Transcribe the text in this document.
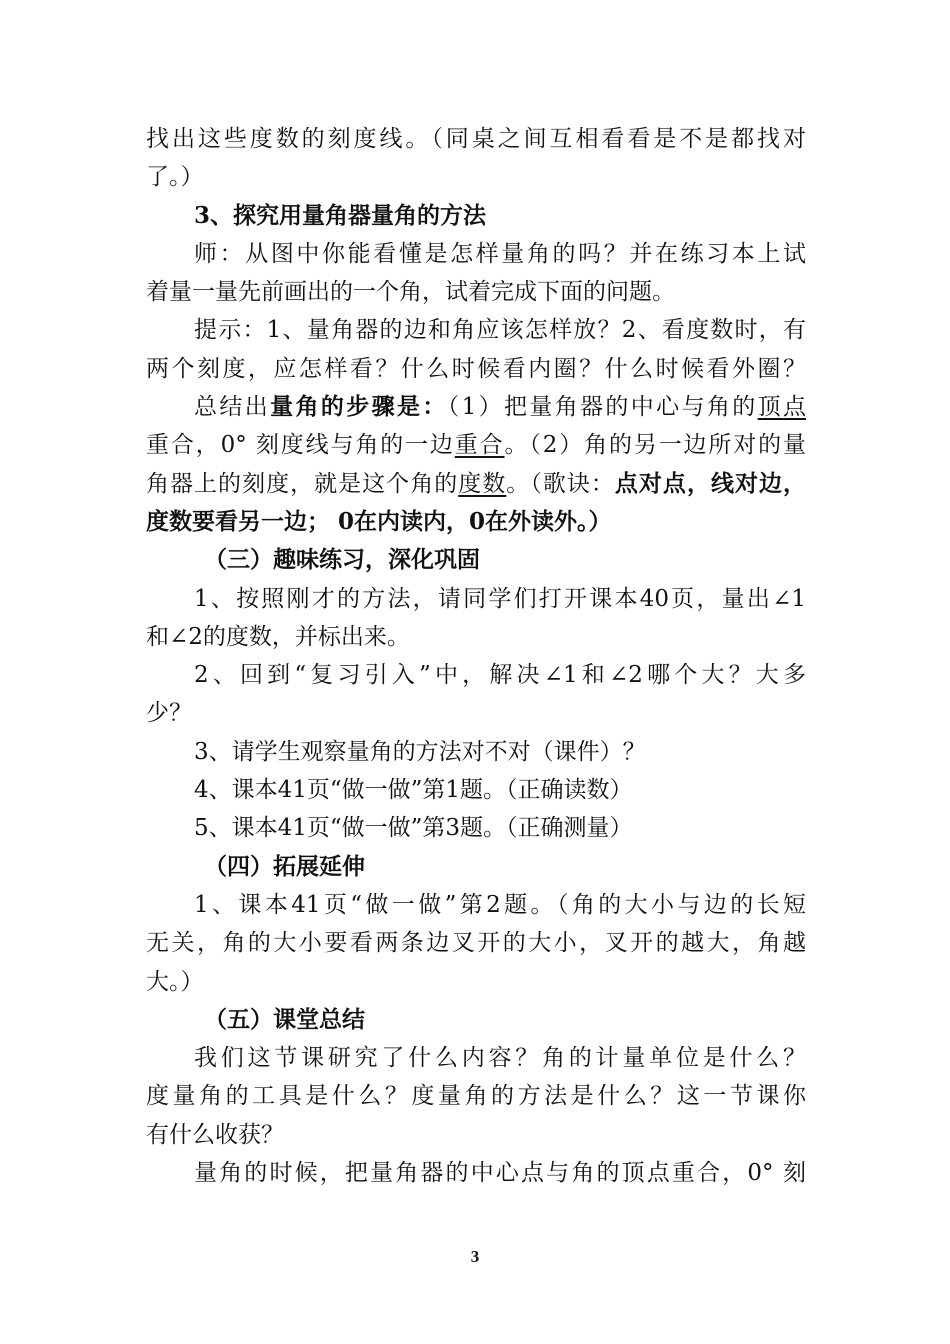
找出这些度数的刻度线。（同桌之间互相看看是不是都找对
了。）
3、探究用量角器量角的方法
师：从图中你能看懂是怎样量角的吗？并在练习本上试
着量一量先前画出的一个角，试着完成下面的问题。
提示：1、量角器的边和角应该怎样放？2、看度数时，有
两个刻度，应怎样看？什么时候看内圈？什么时候看外圈？
总结出量角的步骤是：（1）把量角器的中心与角的顶点
重合，0° 刻度线与角的一边重合。（2）角的另一边所对的量
角器上的刻度，就是这个角的度数。（歌诀：点对点，线对边，
度数要看另一边； 0在内读内，0在外读外。）
（三）趣味练习，深化巩固
1、按照刚才的方法，请同学们打开课本40页，量出∠1
和∠2的度数，并标出来。
2、回到“复习引入”中，解决∠1和∠2哪个大？大多
少？
3、请学生观察量角的方法对不对（课件）？
4、课本41页“做一做”第1题。（正确读数）
5、课本41页“做一做”第3题。（正确测量）
（四）拓展延伸
1、课本41页“做一做”第2题。（角的大小与边的长短
无关，角的大小要看两条边叉开的大小，叉开的越大，角越
大。）
（五）课堂总结
我们这节课研究了什么内容？角的计量单位是什么？
度量角的工具是什么？度量角的方法是什么？这一节课你
有什么收获？
量角的时候，把量角器的中心点与角的顶点重合，0° 刻
3
